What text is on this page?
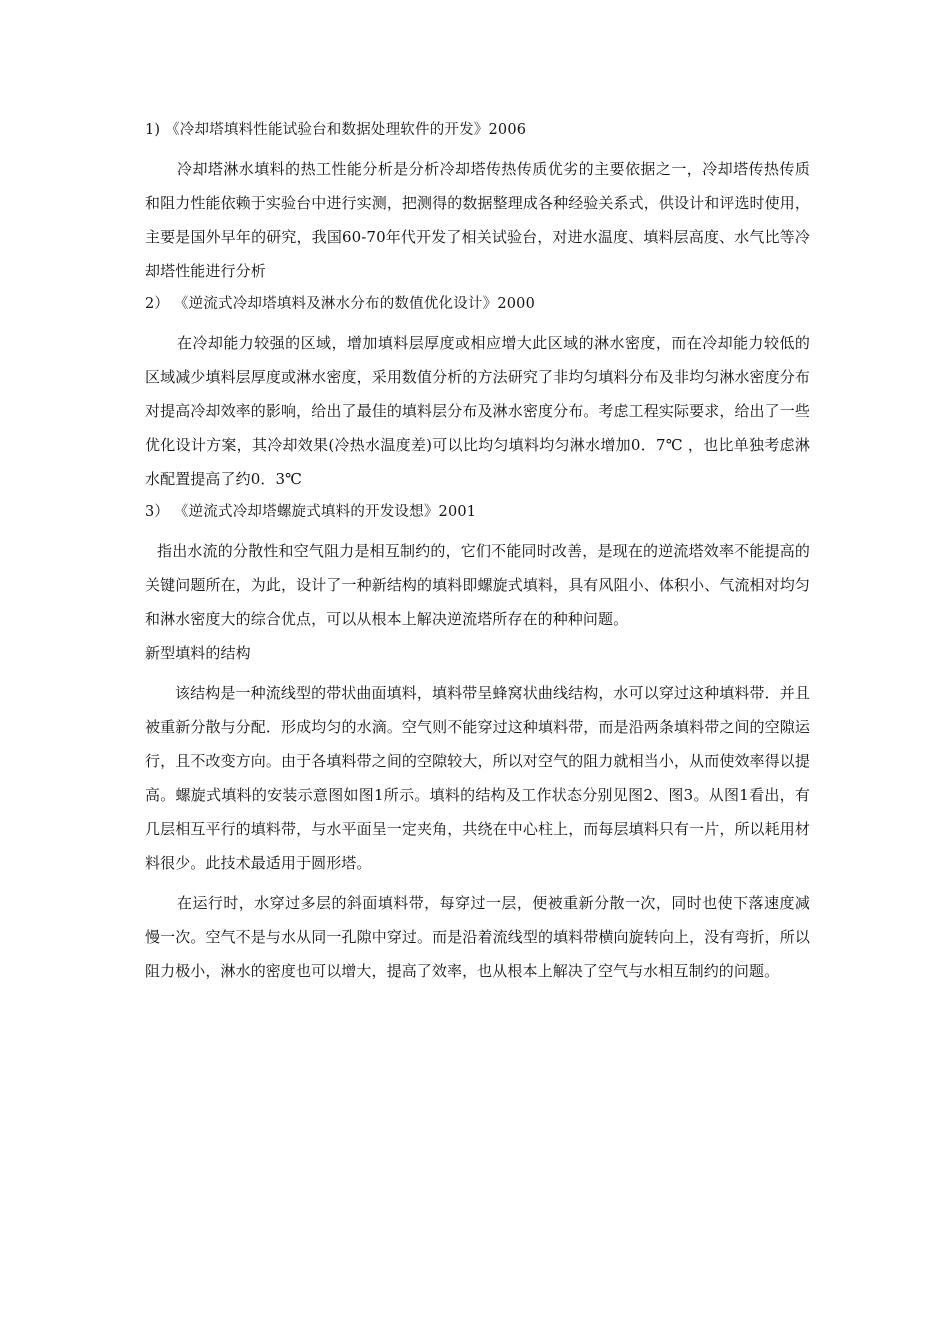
1) 《冷却塔填料性能试验台和数据处理软件的开发》2006

冷却塔淋水填料的热工性能分析是分析冷却塔传热传质优劣的主要依据之一，冷却塔传热传质和阻力性能依赖于实验台中进行实测，把测得的数据整理成各种经验关系式，供设计和评选时使用，主要是国外早年的研究，我国60-70年代开发了相关试验台，对进水温度、填料层高度、水气比等冷却塔性能进行分析

2） 《逆流式冷却塔填料及淋水分布的数值优化设计》2000

在冷却能力较强的区域，增加填料层厚度或相应增大此区域的淋水密度，而在冷却能力较低的区域减少填料层厚度或淋水密度，采用数值分析的方法研究了非均匀填料分布及非均匀淋水密度分布对提高冷却效率的影响，给出了最佳的填料层分布及淋水密度分布。考虑工程实际要求，给出了一些优化设计方案，其冷却效果(冷热水温度差)可以比均匀填料均匀淋水增加0．7℃ ，也比单独考虑淋水配置提高了约0．3℃

3） 《逆流式冷却塔螺旋式填料的开发设想》2001

指出水流的分散性和空气阻力是相互制约的，它们不能同时改善，是现在的逆流塔效率不能提高的关键问题所在，为此，设计了一种新结构的填料即螺旋式填料，具有风阻小、体积小、气流相对均匀和淋水密度大的综合优点，可以从根本上解决逆流塔所存在的种种问题。

新型填料的结构

该结构是一种流线型的带状曲面填料，填料带呈蜂窝状曲线结构，水可以穿过这种填料带．并且被重新分散与分配．形成均匀的水滴。空气则不能穿过这种填料带，而是沿两条填料带之间的空隙运行，且不改变方向。由于各填料带之间的空隙较大，所以对空气的阻力就相当小，从而使效率得以提高。螺旋式填料的安装示意图如图1所示。填料的结构及工作状态分别见图2、图3。从图1看出，有几层相互平行的填料带，与水平面呈一定夹角，共绕在中心柱上，而每层填料只有一片，所以耗用材料很少。此技术最适用于圆形塔。

在运行时，水穿过多层的斜面填料带，每穿过一层，便被重新分散一次，同时也使下落速度减慢一次。空气不是与水从同一孔隙中穿过。而是沿着流线型的填料带横向旋转向上，没有弯折，所以阻力极小，淋水的密度也可以增大，提高了效率，也从根本上解决了空气与水相互制约的问题。
